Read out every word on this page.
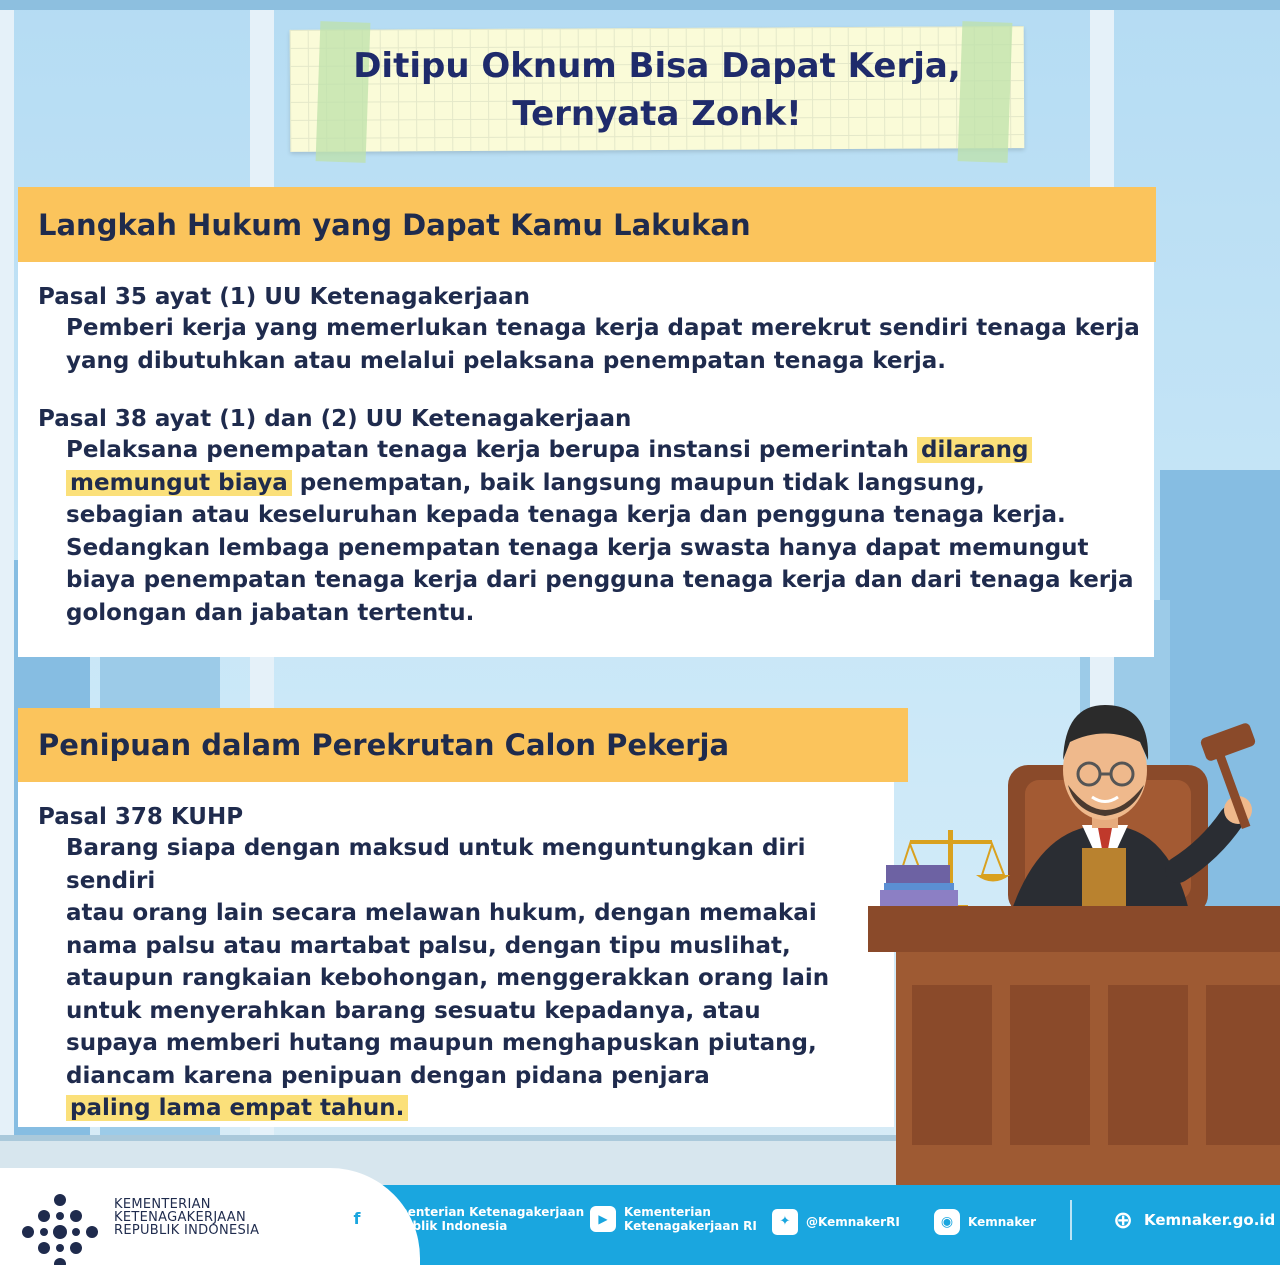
Ditipu Oknum Bisa Dapat Kerja,
Ternyata Zonk!
Langkah Hukum yang Dapat Kamu Lakukan
Pasal 35 ayat (1) UU Ketenagakerjaan
Pemberi kerja yang memerlukan tenaga kerja dapat merekrut sendiri tenaga kerja
yang dibutuhkan atau melalui pelaksana penempatan tenaga kerja.
Pasal 38 ayat (1) dan (2) UU Ketenagakerjaan
Pelaksana penempatan tenaga kerja berupa instansi pemerintah dilarang
memungut biaya penempatan, baik langsung maupun tidak langsung,
sebagian atau keseluruhan kepada tenaga kerja dan pengguna tenaga kerja.
Sedangkan lembaga penempatan tenaga kerja swasta hanya dapat memungut
biaya penempatan tenaga kerja dari pengguna tenaga kerja dan dari tenaga kerja
golongan dan jabatan tertentu.
Penipuan dalam Perekrutan Calon Pekerja
Pasal 378 KUHP
Barang siapa dengan maksud untuk menguntungkan diri sendiri
atau orang lain secara melawan hukum, dengan memakai
nama palsu atau martabat palsu, dengan tipu muslihat,
ataupun rangkaian kebohongan, menggerakkan orang lain
untuk menyerahkan barang sesuatu kepadanya, atau
supaya memberi hutang maupun menghapuskan piutang,
diancam karena penipuan dengan pidana penjara
paling lama empat tahun.
KEMENTERIAN
KETENAGAKERJAAN
REPUBLIK INDONESIA
f	Kementerian Ketenagakerjaan
Republik Indonesia	▶	Kementerian
Ketenagakerjaan RI	✦	@KemnakerRI	◉	Kemnaker	⊕ Kemnaker.go.id
